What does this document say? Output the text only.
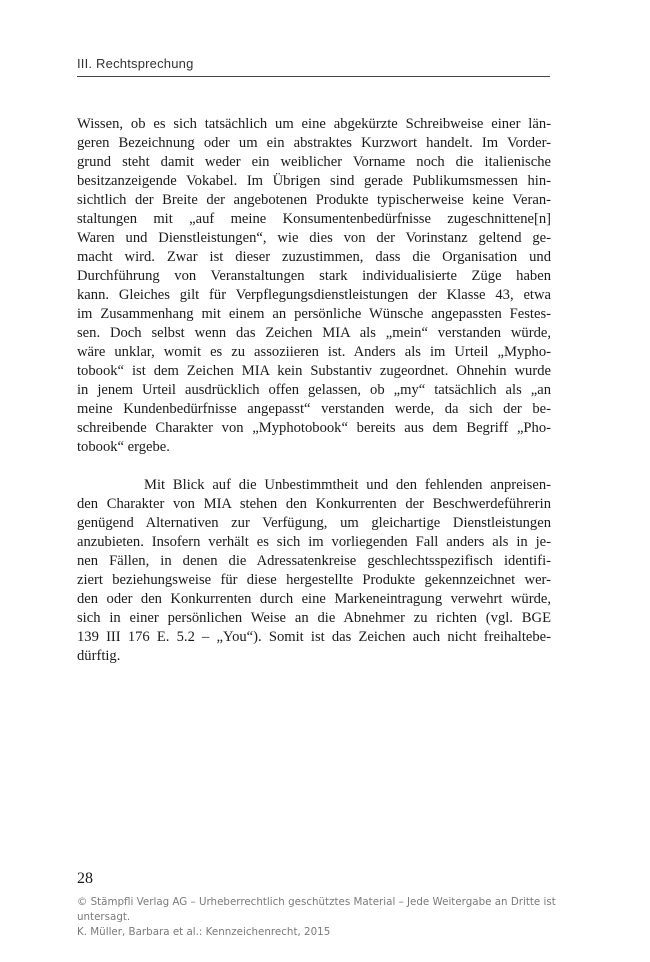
III. Rechtsprechung

Wissen, ob es sich tatsächlich um eine abgekürzte Schreibweise einer län-
geren Bezeichnung oder um ein abstraktes Kurzwort handelt. Im Vorder-
grund steht damit weder ein weiblicher Vorname noch die italienische
besitzanzeigende Vokabel. Im Übrigen sind gerade Publikumsmessen hin-
sichtlich der Breite der angebotenen Produkte typischerweise keine Veran-
staltungen mit „auf meine Konsumentenbedürfnisse zugeschnittene[n]
Waren und Dienstleistungen“, wie dies von der Vorinstanz geltend ge-
macht wird. Zwar ist dieser zuzustimmen, dass die Organisation und
Durchführung von Veranstaltungen stark individualisierte Züge haben
kann. Gleiches gilt für Verpflegungsdienstleistungen der Klasse 43, etwa
im Zusammenhang mit einem an persönliche Wünsche angepassten Festes-
sen. Doch selbst wenn das Zeichen MIA als „mein“ verstanden würde,
wäre unklar, womit es zu assoziieren ist. Anders als im Urteil „Mypho-
tobook“ ist dem Zeichen MIA kein Substantiv zugeordnet. Ohnehin wurde
in jenem Urteil ausdrücklich offen gelassen, ob „my“ tatsächlich als „an
meine Kundenbedürfnisse angepasst“ verstanden werde, da sich der be-
schreibende Charakter von „Myphotobook“ bereits aus dem Begriff „Pho-
tobook“ ergebe.

Mit Blick auf die Unbestimmtheit und den fehlenden anpreisen-
den Charakter von MIA stehen den Konkurrenten der Beschwerdeführerin
genügend Alternativen zur Verfügung, um gleichartige Dienstleistungen
anzubieten. Insofern verhält es sich im vorliegenden Fall anders als in je-
nen Fällen, in denen die Adressatenkreise geschlechtsspezifisch identifi-
ziert beziehungsweise für diese hergestellte Produkte gekennzeichnet wer-
den oder den Konkurrenten durch eine Markeneintragung verwehrt würde,
sich in einer persönlichen Weise an die Abnehmer zu richten (vgl. BGE
139 III 176 E. 5.2 – „You“). Somit ist das Zeichen auch nicht freihaltebe-
dürftig.

28
© Stämpfli Verlag AG – Urheberrechtlich geschütztes Material – Jede Weitergabe an Dritte ist
untersagt.
K. Müller, Barbara et al.: Kennzeichenrecht, 2015
